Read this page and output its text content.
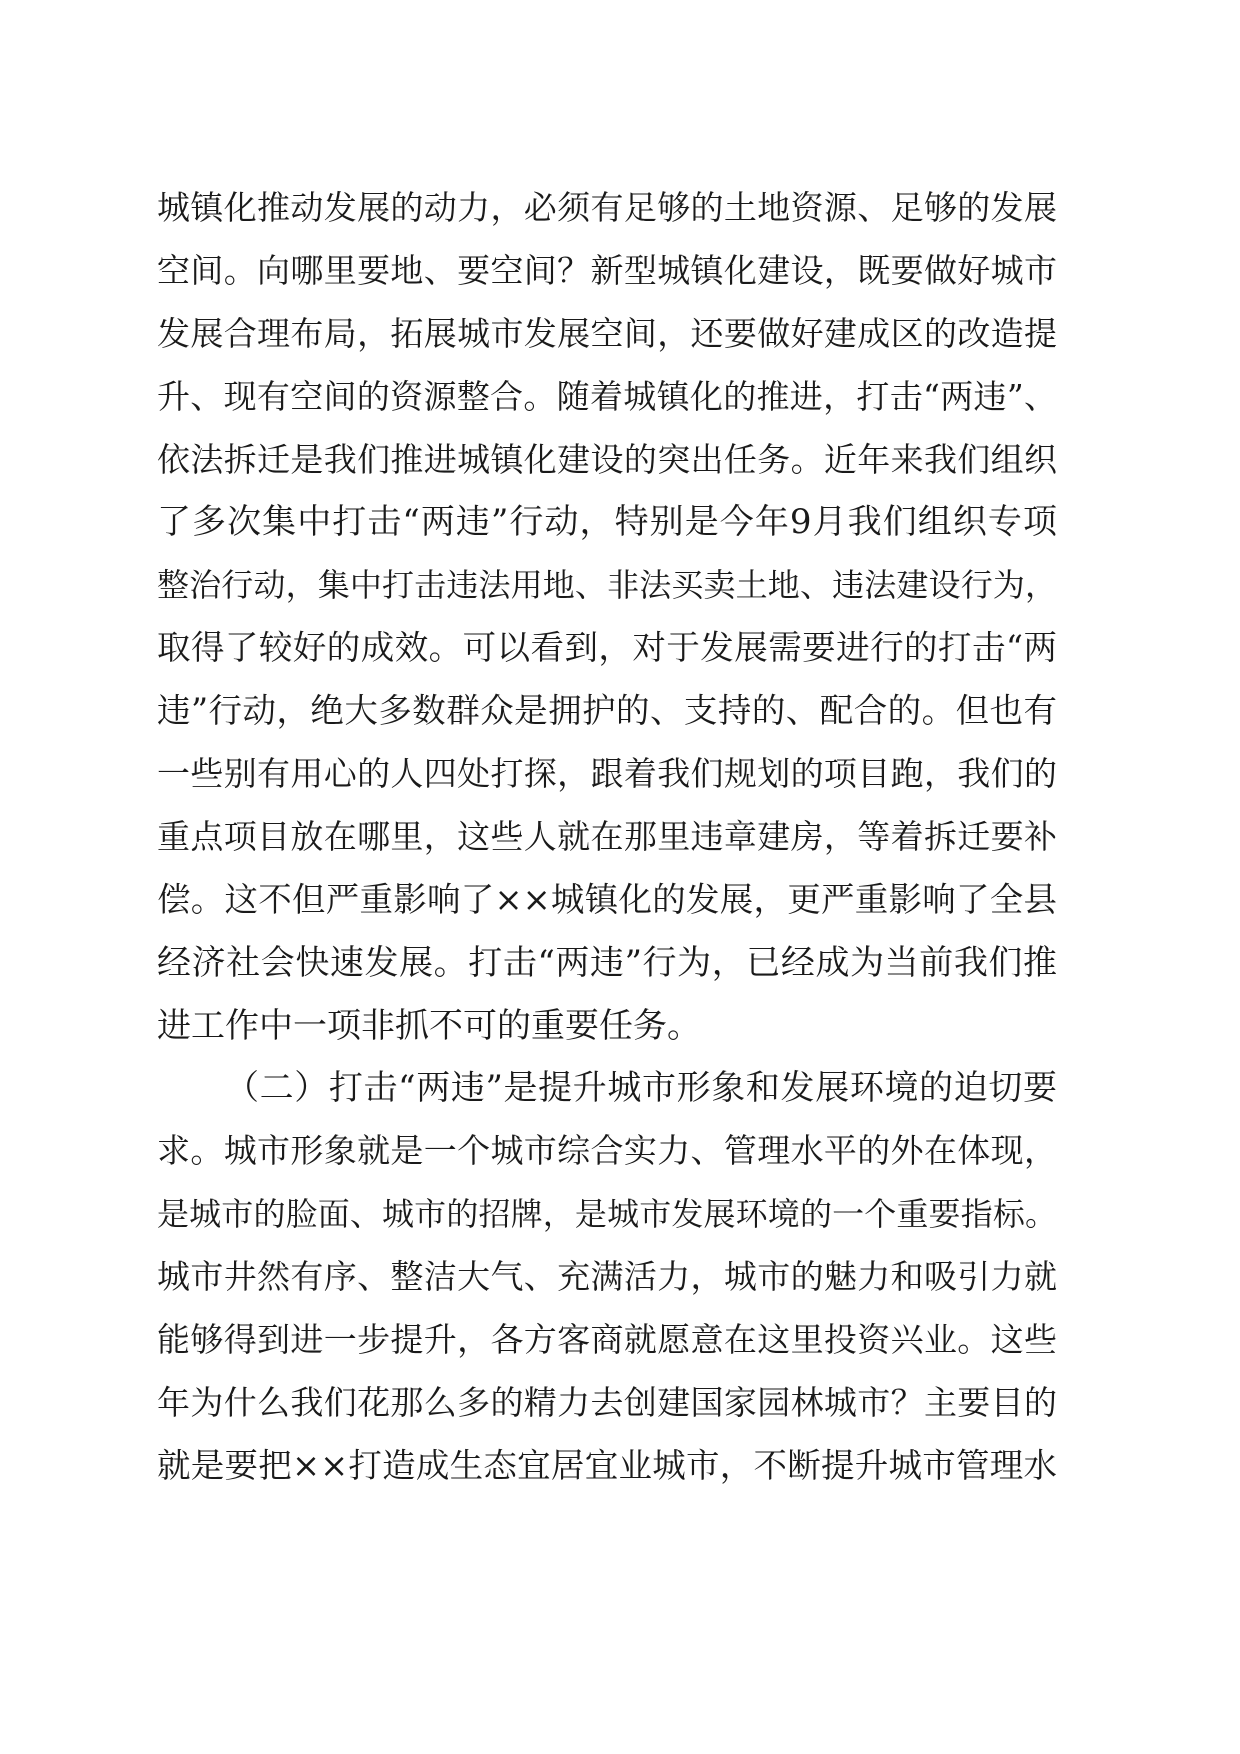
城镇化推动发展的动力，必须有足够的土地资源、足够的发展
空间。向哪里要地、要空间？新型城镇化建设，既要做好城市
发展合理布局，拓展城市发展空间，还要做好建成区的改造提
升、现有空间的资源整合。随着城镇化的推进，打击“两违”、
依法拆迁是我们推进城镇化建设的突出任务。近年来我们组织
了多次集中打击“两违”行动，特别是今年9月我们组织专项
整治行动，集中打击违法用地、非法买卖土地、违法建设行为，
取得了较好的成效。可以看到，对于发展需要进行的打击“两
违”行动，绝大多数群众是拥护的、支持的、配合的。但也有
一些别有用心的人四处打探，跟着我们规划的项目跑，我们的
重点项目放在哪里，这些人就在那里违章建房，等着拆迁要补
偿。这不但严重影响了××城镇化的发展，更严重影响了全县
经济社会快速发展。打击“两违”行为，已经成为当前我们推
进工作中一项非抓不可的重要任务。
（二）打击“两违”是提升城市形象和发展环境的迫切要
求。城市形象就是一个城市综合实力、管理水平的外在体现，
是城市的脸面、城市的招牌，是城市发展环境的一个重要指标。
城市井然有序、整洁大气、充满活力，城市的魅力和吸引力就
能够得到进一步提升，各方客商就愿意在这里投资兴业。这些
年为什么我们花那么多的精力去创建国家园林城市？主要目的
就是要把××打造成生态宜居宜业城市，不断提升城市管理水
